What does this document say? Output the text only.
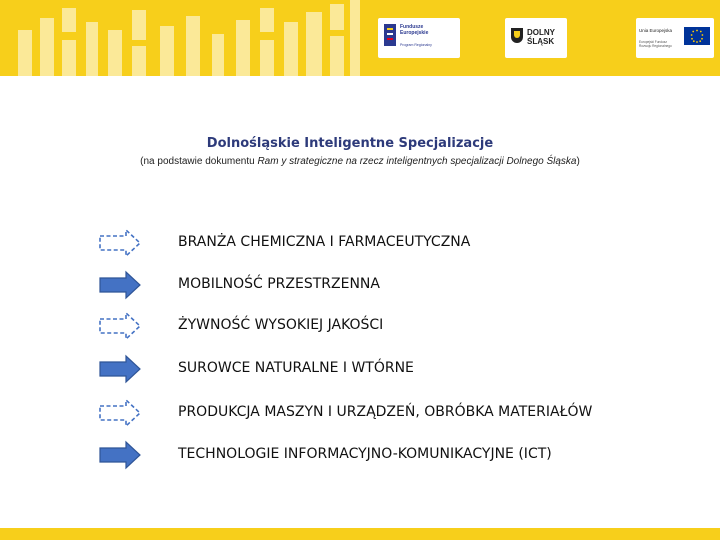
Fundusze
Europejskie
Program Regionalny
DOLNY
ŚLĄSK
Unia Europejska
Europejski Fundusz
Rozwoju Regionalnego
Dolnośląskie Inteligentne Specjalizacje
(na podstawie dokumentu Ram y strategiczne na rzecz inteligentnych specjalizacji Dolnego Śląska)
BRANŻA CHEMICZNA I FARMACEUTYCZNA
MOBILNOŚĆ PRZESTRZENNA
ŻYWNOŚĆ WYSOKIEJ JAKOŚCI
SUROWCE NATURALNE I WTÓRNE
PRODUKCJA MASZYN I URZĄDZEŃ, OBRÓBKA MATERIAŁÓW
TECHNOLOGIE INFORMACYJNO-KOMUNIKACYJNE (ICT)
